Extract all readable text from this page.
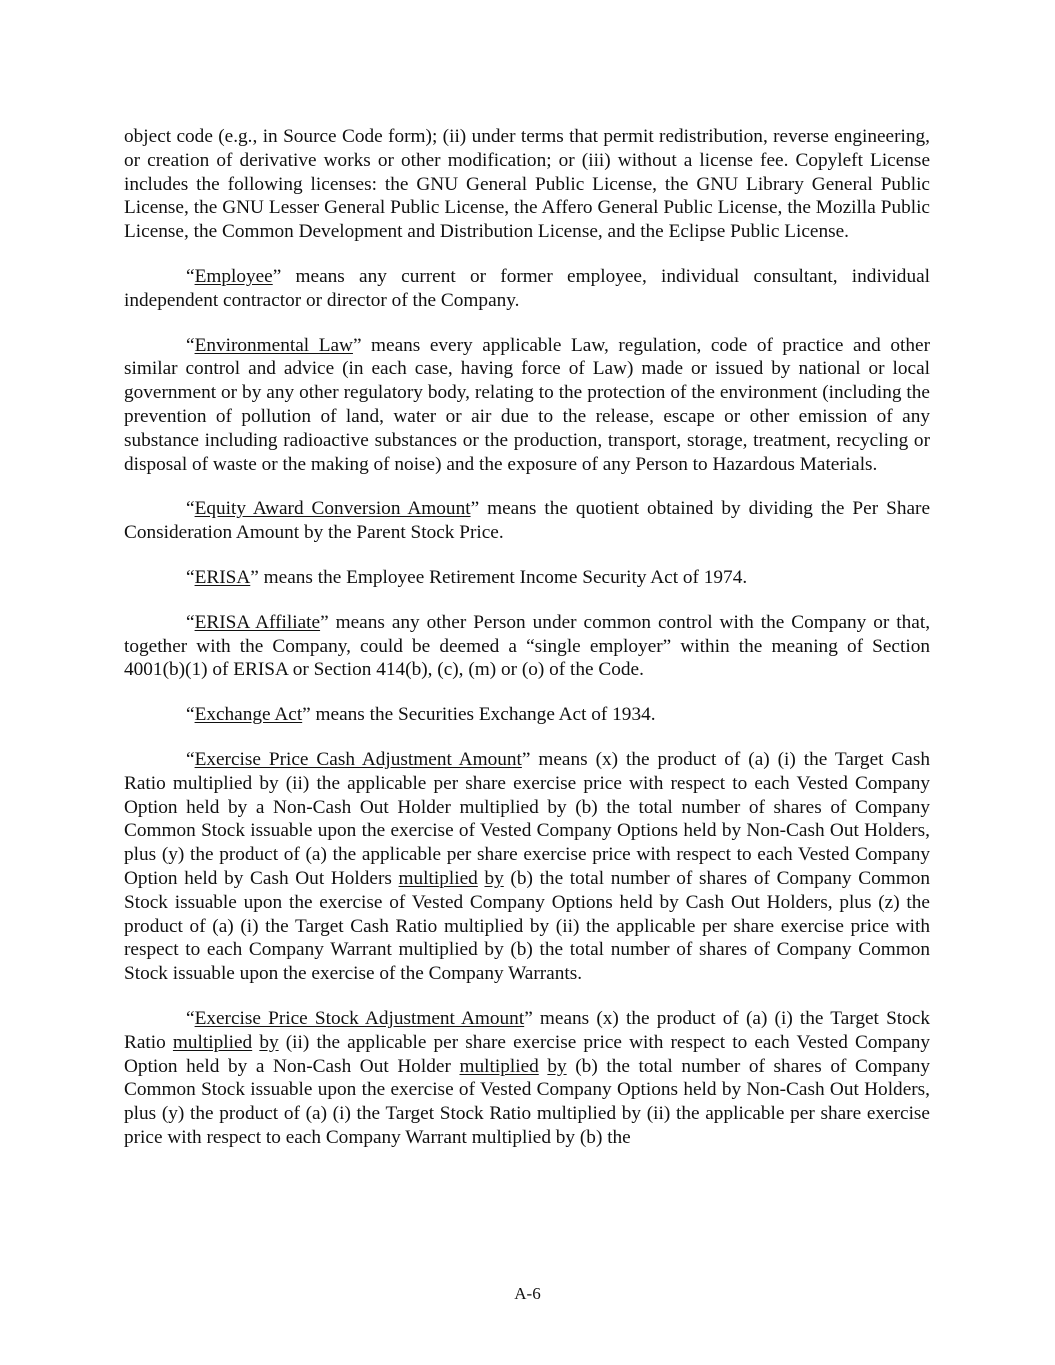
object code (e.g., in Source Code form); (ii) under terms that permit redistribution, reverse engineering, or creation of derivative works or other modification; or (iii) without a license fee. Copyleft License includes the following licenses: the GNU General Public License, the GNU Library General Public License, the GNU Lesser General Public License, the Affero General Public License, the Mozilla Public License, the Common Development and Distribution License, and the Eclipse Public License.

“Employee” means any current or former employee, individual consultant, individual independent contractor or director of the Company.

“Environmental Law” means every applicable Law, regulation, code of practice and other similar control and advice (in each case, having force of Law) made or issued by national or local government or by any other regulatory body, relating to the protection of the environment (including the prevention of pollution of land, water or air due to the release, escape or other emission of any substance including radioactive substances or the production, transport, storage, treatment, recycling or disposal of waste or the making of noise) and the exposure of any Person to Hazardous Materials.

“Equity Award Conversion Amount” means the quotient obtained by dividing the Per Share Consideration Amount by the Parent Stock Price.

“ERISA” means the Employee Retirement Income Security Act of 1974.

“ERISA Affiliate” means any other Person under common control with the Company or that, together with the Company, could be deemed a “single employer” within the meaning of Section 4001(b)(1) of ERISA or Section 414(b), (c), (m) or (o) of the Code.

“Exchange Act” means the Securities Exchange Act of 1934.

“Exercise Price Cash Adjustment Amount” means (x) the product of (a) (i) the Target Cash Ratio multiplied by (ii) the applicable per share exercise price with respect to each Vested Company Option held by a Non-Cash Out Holder multiplied by (b) the total number of shares of Company Common Stock issuable upon the exercise of Vested Company Options held by Non-Cash Out Holders, plus (y) the product of (a) the applicable per share exercise price with respect to each Vested Company Option held by Cash Out Holders multiplied by (b) the total number of shares of Company Common Stock issuable upon the exercise of Vested Company Options held by Cash Out Holders, plus (z) the product of (a) (i) the Target Cash Ratio multiplied by (ii) the applicable per share exercise price with respect to each Company Warrant multiplied by (b) the total number of shares of Company Common Stock issuable upon the exercise of the Company Warrants.

“Exercise Price Stock Adjustment Amount” means (x) the product of (a) (i) the Target Stock Ratio multiplied by (ii) the applicable per share exercise price with respect to each Vested Company Option held by a Non-Cash Out Holder multiplied by (b) the total number of shares of Company Common Stock issuable upon the exercise of Vested Company Options held by Non-Cash Out Holders, plus (y) the product of (a) (i) the Target Stock Ratio multiplied by (ii) the applicable per share exercise price with respect to each Company Warrant multiplied by (b) the

A-6
